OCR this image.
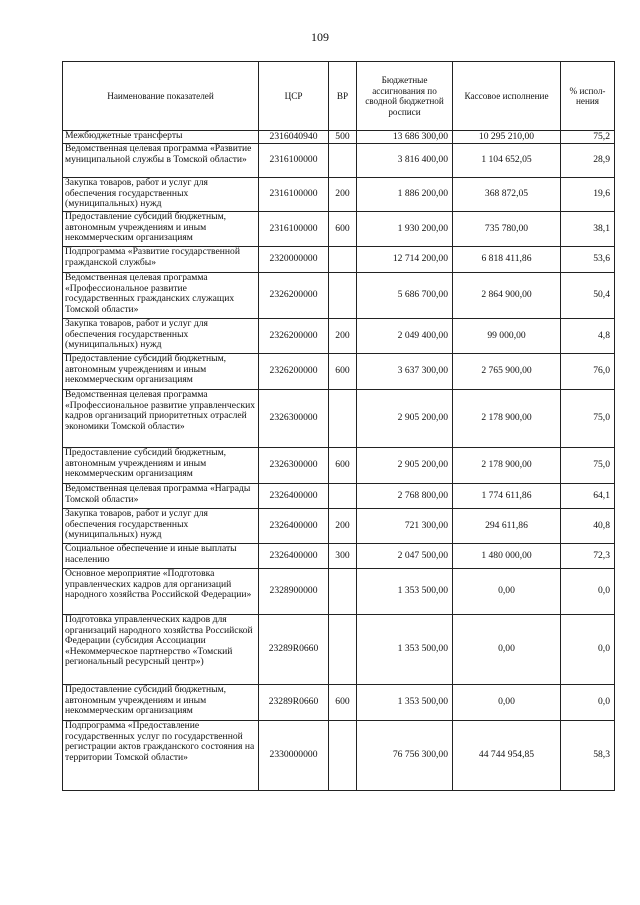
109
Наименование показателей	ЦСР	ВР	Бюджетные ассигнования по сводной бюджетной росписи	Кассовое исполнение	% испол-нения
Межбюджетные трансферты	2316040940	500	13 686 300,00	10 295 210,00	75,2
Ведомственная целевая программа «Развитие муниципальной службы в Томской области»	2316100000		3 816 400,00	1 104 652,05	28,9
Закупка товаров, работ и услуг для обеспечения государственных (муниципальных) нужд	2316100000	200	1 886 200,00	368 872,05	19,6
Предоставление субсидий бюджетным, автономным учреждениям и иным некоммерческим организациям	2316100000	600	1 930 200,00	735 780,00	38,1
Подпрограмма «Развитие государственной гражданской службы»	2320000000		12 714 200,00	6 818 411,86	53,6
Ведомственная целевая программа «Профессиональное развитие государственных гражданских служащих Томской области»	2326200000		5 686 700,00	2 864 900,00	50,4
Закупка товаров, работ и услуг для обеспечения государственных (муниципальных) нужд	2326200000	200	2 049 400,00	99 000,00	4,8
Предоставление субсидий бюджетным, автономным учреждениям и иным некоммерческим организациям	2326200000	600	3 637 300,00	2 765 900,00	76,0
Ведомственная целевая программа «Профессиональное развитие управленческих кадров организаций приоритетных отраслей экономики Томской области»	2326300000		2 905 200,00	2 178 900,00	75,0
Предоставление субсидий бюджетным, автономным учреждениям и иным некоммерческим организациям	2326300000	600	2 905 200,00	2 178 900,00	75,0
Ведомственная целевая программа «Награды Томской области»	2326400000		2 768 800,00	1 774 611,86	64,1
Закупка товаров, работ и услуг для обеспечения государственных (муниципальных) нужд	2326400000	200	721 300,00	294 611,86	40,8
Социальное обеспечение и иные выплаты населению	2326400000	300	2 047 500,00	1 480 000,00	72,3
Основное мероприятие «Подготовка управленческих кадров для организаций народного хозяйства Российской Федерации»	2328900000		1 353 500,00	0,00	0,0
Подготовка управленческих кадров для организаций народного хозяйства Российской Федерации (субсидия Ассоциации «Некоммерческое партнерство «Томский региональный ресурсный центр»)	23289R0660		1 353 500,00	0,00	0,0
Предоставление субсидий бюджетным, автономным учреждениям и иным некоммерческим организациям	23289R0660	600	1 353 500,00	0,00	0,0
Подпрограмма «Предоставление государственных услуг по государственной регистрации актов гражданского состояния на территории Томской области»	2330000000		76 756 300,00	44 744 954,85	58,3
